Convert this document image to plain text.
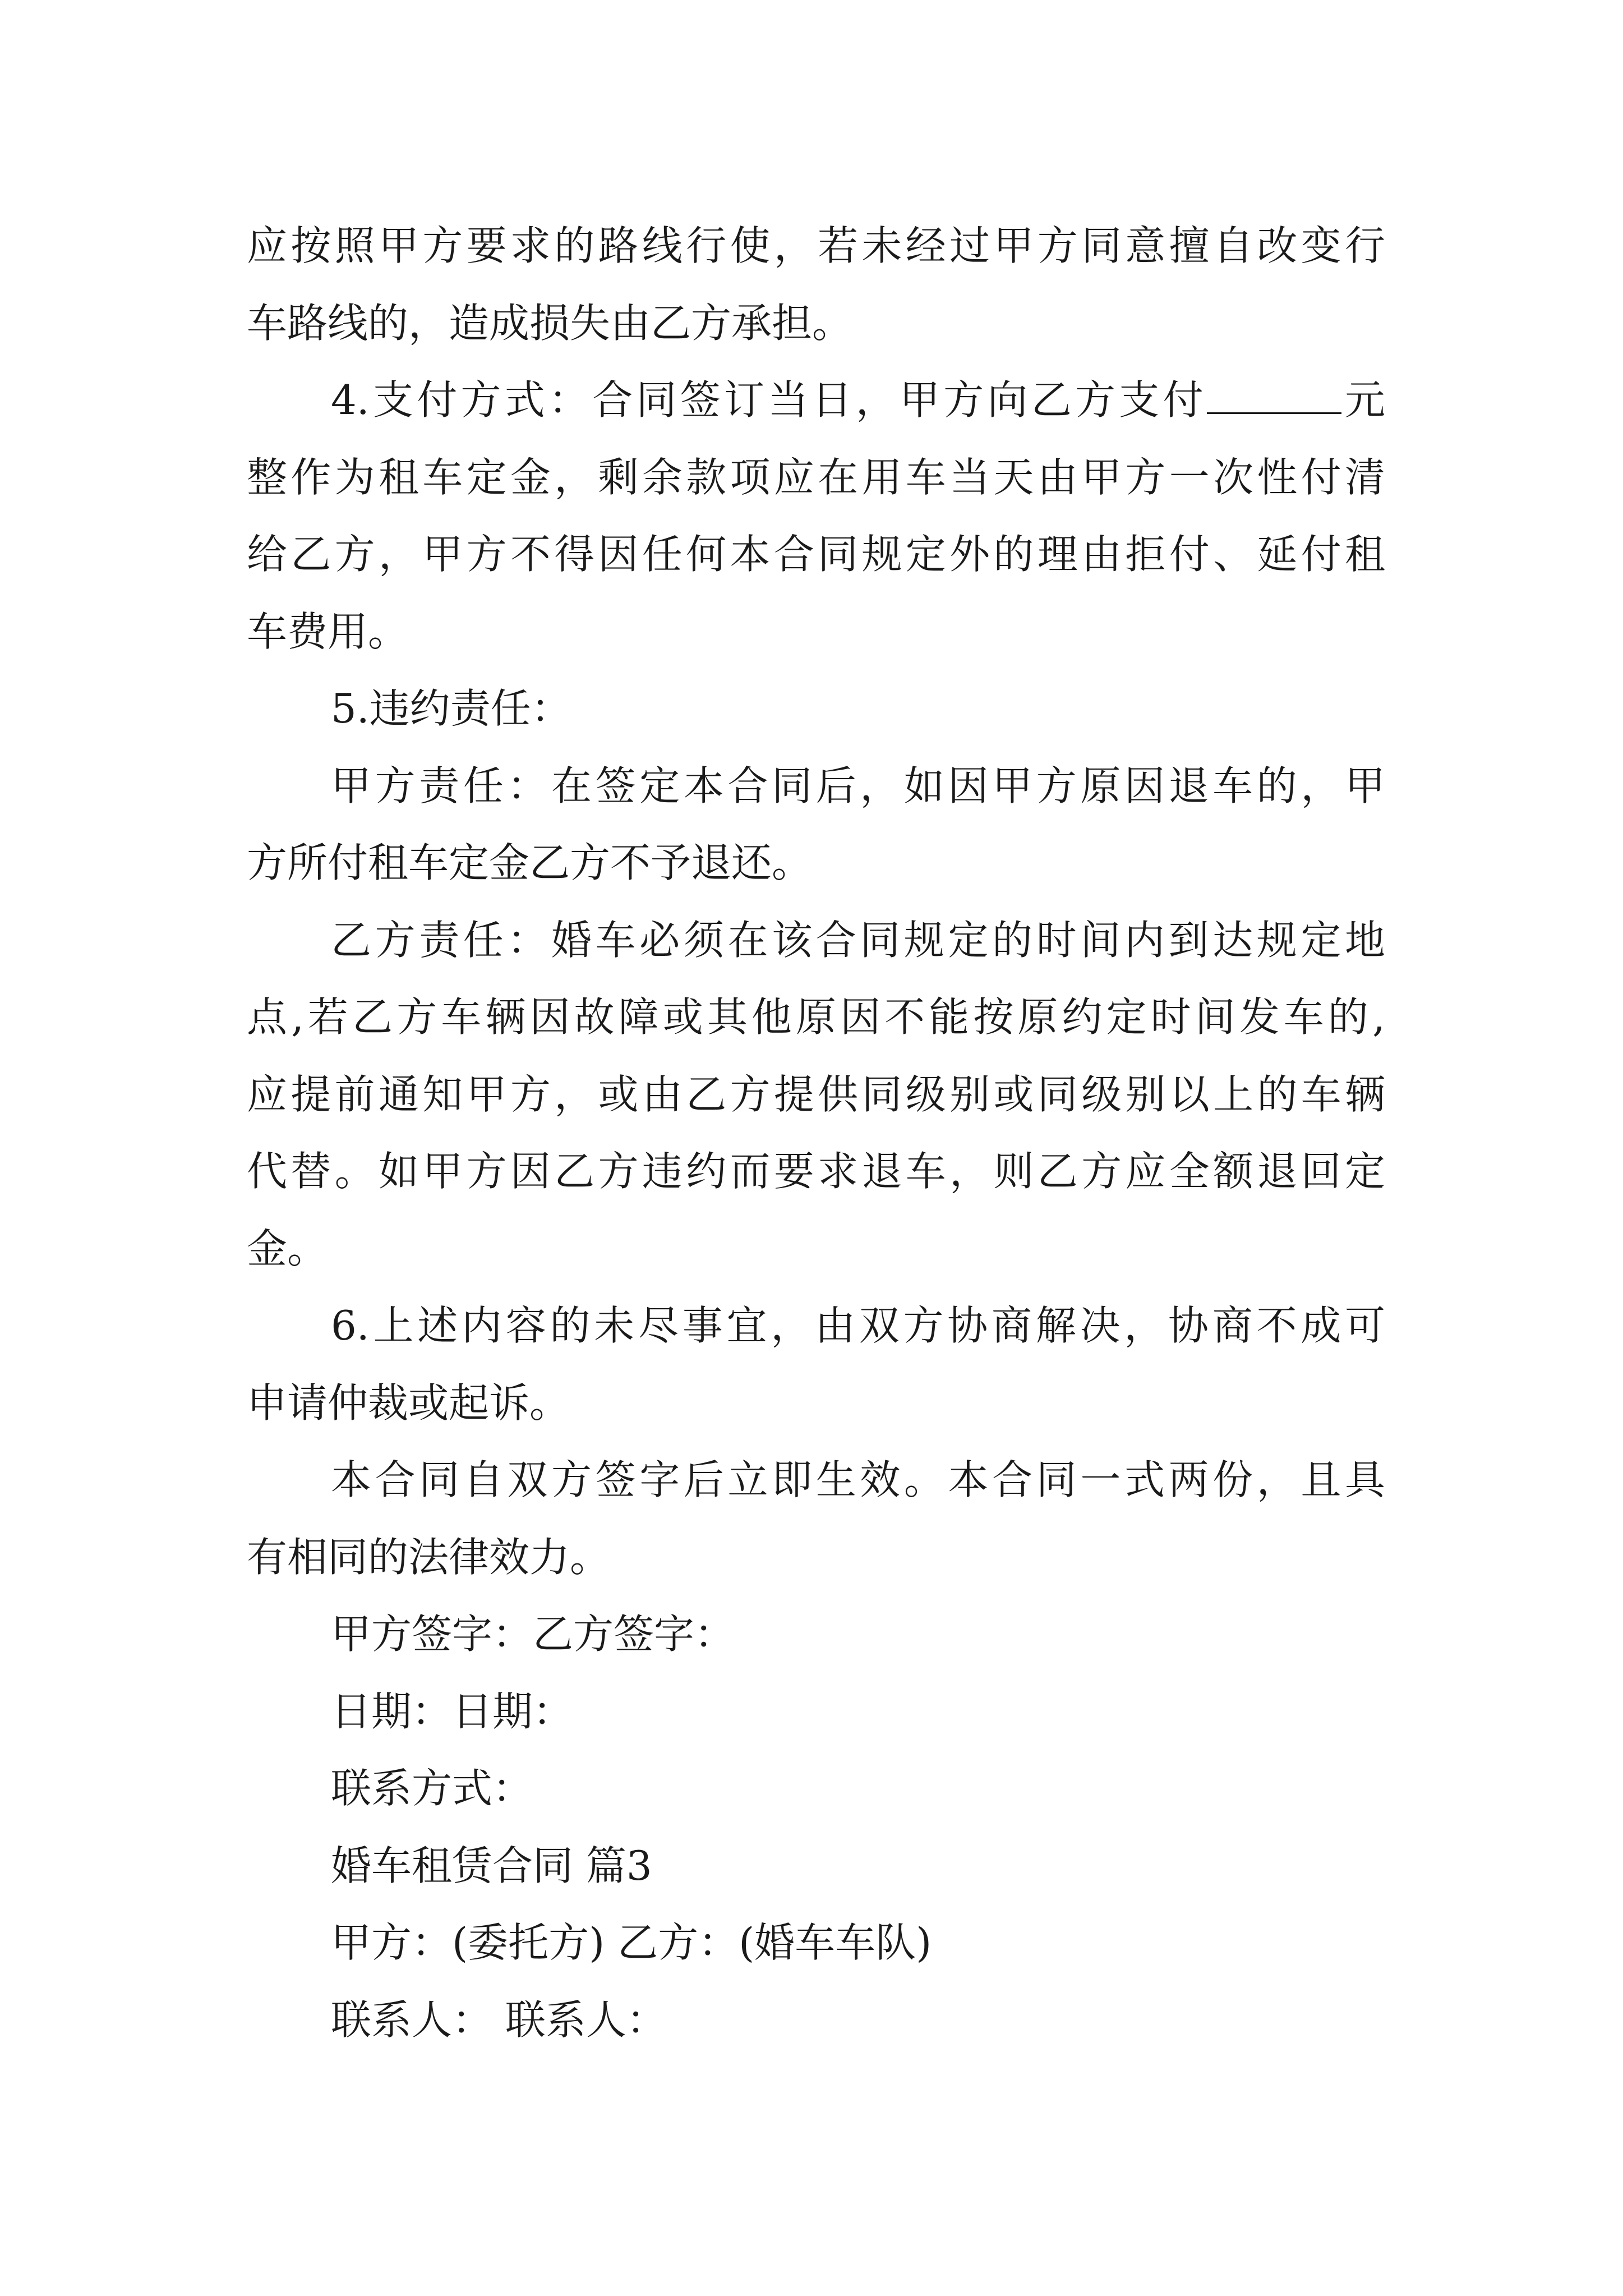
应按照甲方要求的路线行使，若未经过甲方同意擅自改变行
车路线的，造成损失由乙方承担。
4.支付方式：合同签订当日，甲方向乙方支付	元
整作为租车定金，剩余款项应在用车当天由甲方一次性付清
给乙方，甲方不得因任何本合同规定外的理由拒付、延付租
车费用。
5.违约责任：
甲方责任：在签定本合同后，如因甲方原因退车的，甲
方所付租车定金乙方不予退还。
乙方责任：婚车必须在该合同规定的时间内到达规定地
点,若乙方车辆因故障或其他原因不能按原约定时间发车的,
应提前通知甲方，或由乙方提供同级别或同级别以上的车辆
代替。如甲方因乙方违约而要求退车，则乙方应全额退回定
金。
6.上述内容的未尽事宜，由双方协商解决，协商不成可
申请仲裁或起诉。
本合同自双方签字后立即生效。本合同一式两份，且具
有相同的法律效力。
甲方签字：乙方签字：
日期：日期：
联系方式：
婚车租赁合同 篇3
甲方：(委托方) 乙方：(婚车车队)
联系人： 联系人：
